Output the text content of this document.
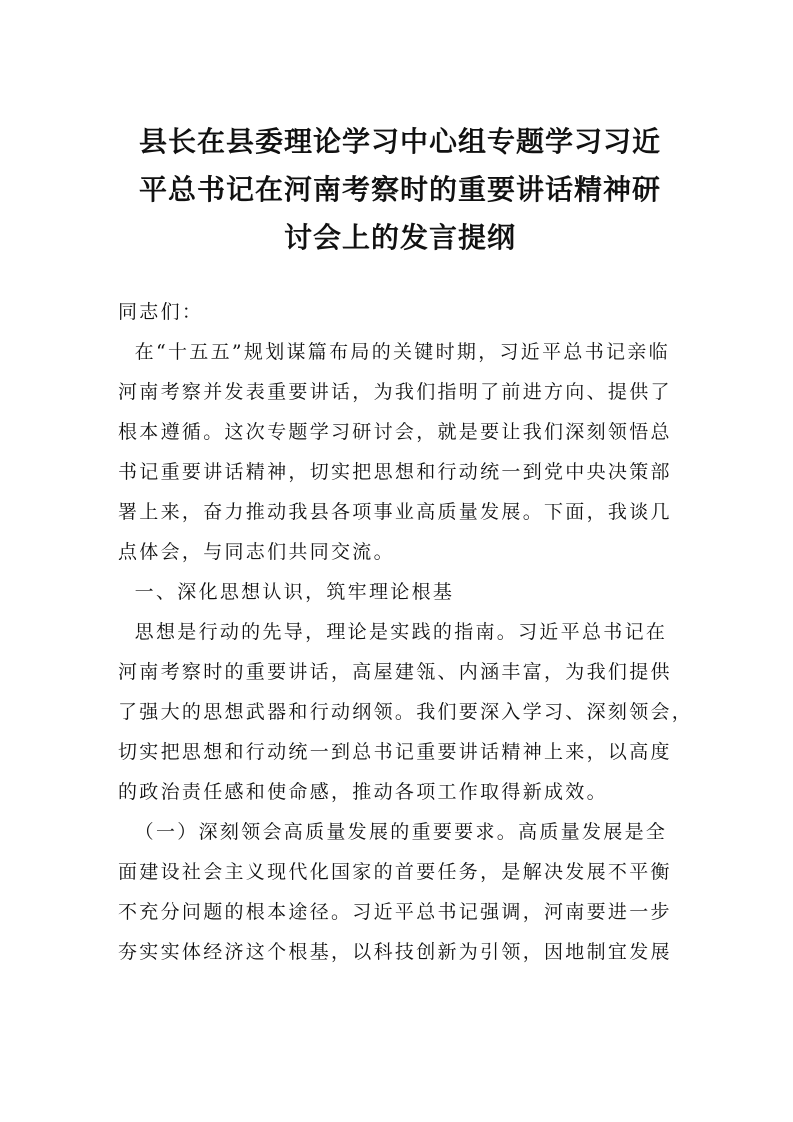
县长在县委理论学习中心组专题学习习近
平总书记在河南考察时的重要讲话精神研
讨会上的发言提纲
同志们：
在“十五五”规划谋篇布局的关键时期，习近平总书记亲临
河南考察并发表重要讲话，为我们指明了前进方向、提供了
根本遵循。这次专题学习研讨会，就是要让我们深刻领悟总
书记重要讲话精神，切实把思想和行动统一到党中央决策部
署上来，奋力推动我县各项事业高质量发展。下面，我谈几
点体会，与同志们共同交流。
一、深化思想认识，筑牢理论根基
思想是行动的先导，理论是实践的指南。习近平总书记在
河南考察时的重要讲话，高屋建瓴、内涵丰富，为我们提供
了强大的思想武器和行动纲领。我们要深入学习、深刻领会，
切实把思想和行动统一到总书记重要讲话精神上来，以高度
的政治责任感和使命感，推动各项工作取得新成效。
（一）深刻领会高质量发展的重要要求。高质量发展是全
面建设社会主义现代化国家的首要任务，是解决发展不平衡
不充分问题的根本途径。习近平总书记强调，河南要进一步
夯实实体经济这个根基，以科技创新为引领，因地制宜发展
